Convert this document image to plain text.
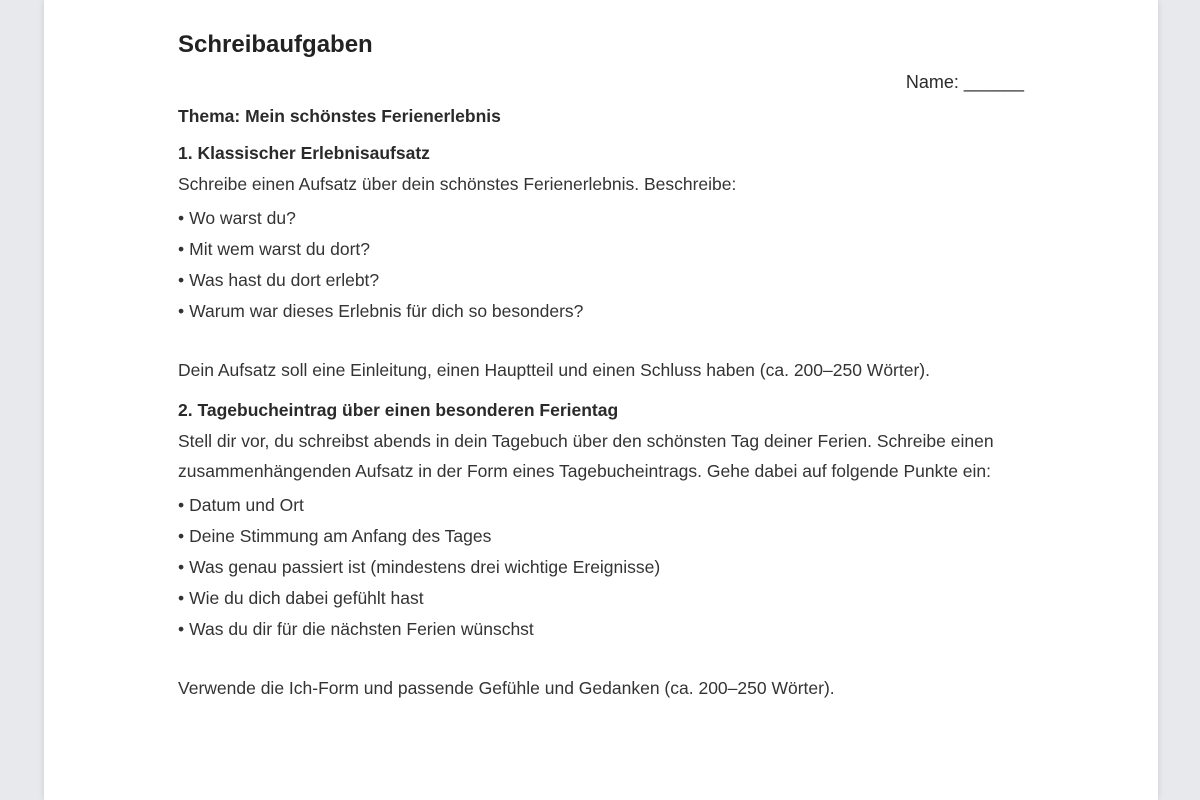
Schreibaufgaben
Name: ______
Thema: Mein schönstes Ferienerlebnis
1. Klassischer Erlebnisaufsatz

Schreibe einen Aufsatz über dein schönstes Ferienerlebnis. Beschreibe:

• Wo warst du?
• Mit wem warst du dort?
• Was hast du dort erlebt?
• Warum war dieses Erlebnis für dich so besonders?

Dein Aufsatz soll eine Einleitung, einen Hauptteil und einen Schluss haben (ca. 200–250 Wörter).

2. Tagebucheintrag über einen besonderen Ferientag

Stell dir vor, du schreibst abends in dein Tagebuch über den schönsten Tag deiner Ferien. Schreibe einen zusammenhängenden Aufsatz in der Form eines Tagebucheintrags. Gehe dabei auf folgende Punkte ein:

• Datum und Ort
• Deine Stimmung am Anfang des Tages
• Was genau passiert ist (mindestens drei wichtige Ereignisse)
• Wie du dich dabei gefühlt hast
• Was du dir für die nächsten Ferien wünschst

Verwende die Ich-Form und passende Gefühle und Gedanken (ca. 200–250 Wörter).
